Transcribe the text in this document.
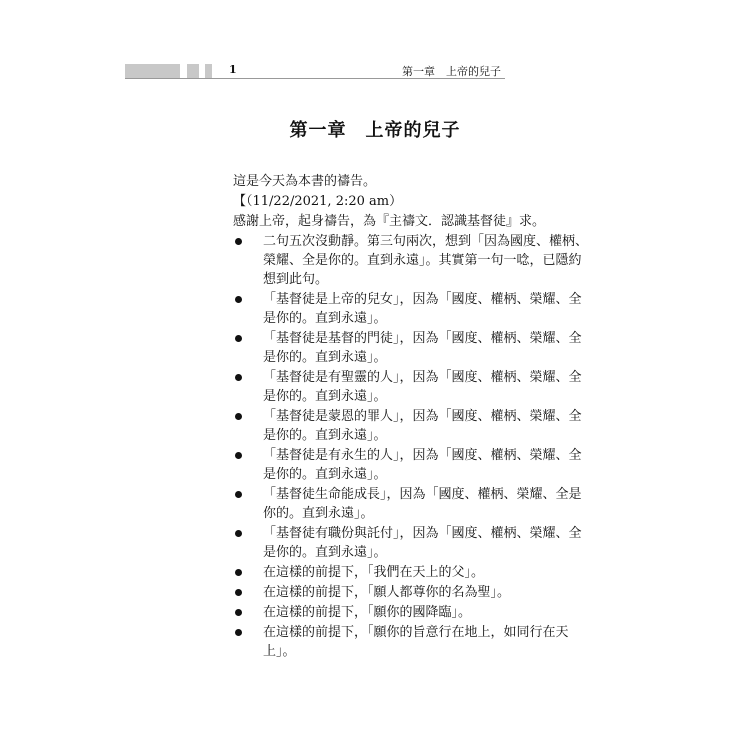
1	第一章　上帝的兒子
第一章　上帝的兒子

這是今天為本書的禱告。

【（11/22/2021, 2:20 am）

感謝上帝，起身禱告，為『主禱文．認識基督徒』求。

二句五次沒動靜。第三句兩次，想到「因為國度、權柄、榮耀、全是你的。直到永遠」。其實第一句一唸，已隱約想到此句。
「基督徒是上帝的兒女」，因為「國度、權柄、榮耀、全是你的。直到永遠」。
「基督徒是基督的門徒」，因為「國度、權柄、榮耀、全是你的。直到永遠」。
「基督徒是有聖靈的人」，因為「國度、權柄、榮耀、全是你的。直到永遠」。
「基督徒是蒙恩的罪人」，因為「國度、權柄、榮耀、全是你的。直到永遠」。
「基督徒是有永生的人」，因為「國度、權柄、榮耀、全是你的。直到永遠」。
「基督徒生命能成長」，因為「國度、權柄、榮耀、全是你的。直到永遠」。
「基督徒有職份與託付」，因為「國度、權柄、榮耀、全是你的。直到永遠」。
在這樣的前提下，「我們在天上的父」。
在這樣的前提下，「願人都尊你的名為聖」。
在這樣的前提下，「願你的國降臨」。
在這樣的前提下，「願你的旨意行在地上，如同行在天上」。
